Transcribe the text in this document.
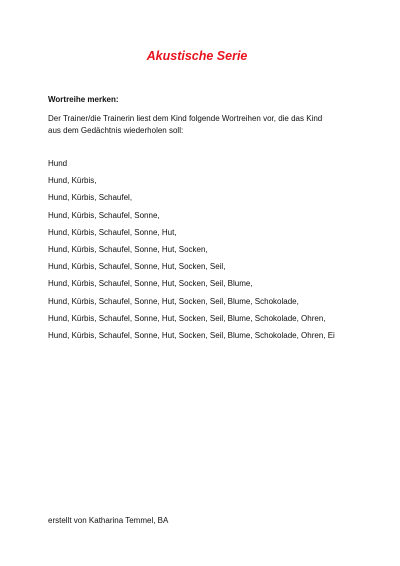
Akustische Serie
Wortreihe merken:
Der Trainer/die Trainerin liest dem Kind folgende Wortreihen vor, die das Kind
aus dem Gedächtnis wiederholen soll:
Hund
Hund, Kürbis,
Hund, Kürbis, Schaufel,
Hund, Kürbis, Schaufel, Sonne,
Hund, Kürbis, Schaufel, Sonne, Hut,
Hund, Kürbis, Schaufel, Sonne, Hut, Socken,
Hund, Kürbis, Schaufel, Sonne, Hut, Socken, Seil,
Hund, Kürbis, Schaufel, Sonne, Hut, Socken, Seil, Blume,
Hund, Kürbis, Schaufel, Sonne, Hut, Socken, Seil, Blume, Schokolade,
Hund, Kürbis, Schaufel, Sonne, Hut, Socken, Seil, Blume, Schokolade, Ohren,
Hund, Kürbis, Schaufel, Sonne, Hut, Socken, Seil, Blume, Schokolade, Ohren, Ei
erstellt von Katharina Temmel, BA
